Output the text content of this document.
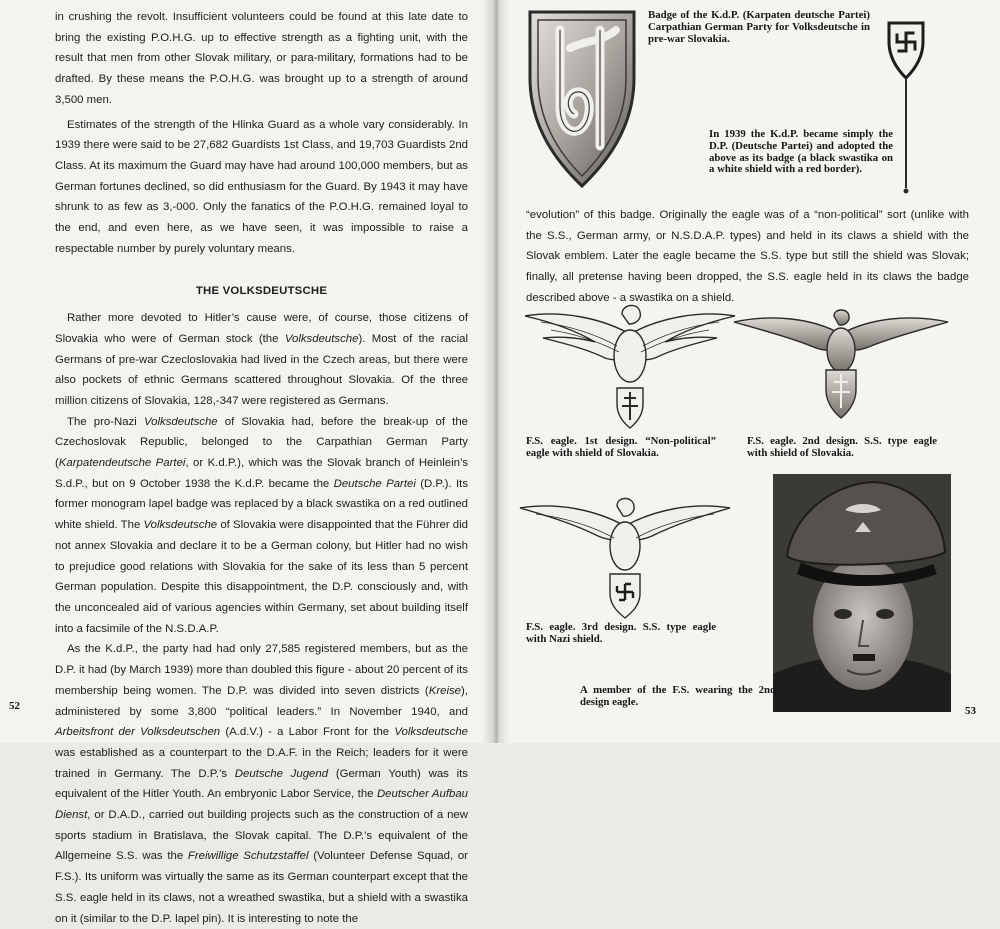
in crushing the revolt. Insufficient volunteers could be found at this late date to bring the existing P.O.H.G. up to effective strength as a fighting unit, with the result that men from other Slovak military, or para-military, formations had to be drafted. By these means the P.O.H.G. was brought up to a strength of around 3,500 men.

Estimates of the strength of the Hlinka Guard as a whole vary considerably. In 1939 there were said to be 27,682 Guardists 1st Class, and 19,703 Guardists 2nd Class. At its maximum the Guard may have had around 100,000 members, but as German fortunes declined, so did enthusiasm for the Guard. By 1943 it may have shrunk to as few as 3,-000. Only the fanatics of the P.O.H.G. remained loyal to the end, and even here, as we have seen, it was impossible to raise a respectable number by purely voluntary means.

THE VOLKSDEUTSCHE

Rather more devoted to Hitler’s cause were, of course, those citizens of Slovakia who were of German stock (the Volksdeutsche). Most of the racial Germans of pre-war Czecloslovakia had lived in the Czech areas, but there were also pockets of ethnic Germans scattered throughout Slovakia. Of the three million citizens of Slovakia, 128,-347 were registered as Germans.

The pro-Nazi Volksdeutsche of Slovakia had, before the break-up of the Czechoslovak Republic, belonged to the Carpathian German Party (Karpatendeutsche Partei, or K.d.P.), which was the Slovak branch of Heinlein’s S.d.P., but on 9 October 1938 the K.d.P. became the Deutsche Partei (D.P.). Its former monogram lapel badge was replaced by a black swastika on a red outlined white shield. The Volksdeutsche of Slovakia were disappointed that the Führer did not annex Slovakia and declare it to be a German colony, but Hitler had no wish to prejudice good relations with Slovakia for the sake of its less than 5 percent German population. Despite this disappointment, the D.P. consciously and, with the unconcealed aid of various agencies within Germany, set about building itself into a facsimile of the N.S.D.A.P.

As the K.d.P., the party had had only 27,585 registered members, but as the D.P. it had (by March 1939) more than doubled this figure - about 20 percent of its membership being women. The D.P. was divided into seven districts (Kreise), administered by some 3,800 “political leaders.” In November 1940, and Arbeitsfront der Volksdeutschen (A.d.V.) - a Labor Front for the Volksdeutsche was established as a counterpart to the D.A.F. in the Reich; leaders for it were trained in Germany. The D.P.’s Deutsche Jugend (German Youth) was its equivalent of the Hitler Youth. An embryonic Labor Service, the Deutscher Aufbau Dienst, or D.A.D., carried out building projects such as the construction of a new sports stadium in Bratislava, the Slovak capital. The D.P.’s equivalent of the Allgemeine S.S. was the Freiwillige Schutzstaffel (Volunteer Defense Squad, or F.S.). Its uniform was virtually the same as its German counterpart except that the S.S. eagle held in its claws, not a wreathed swastika, but a shield with a swastika on it (similar to the D.P. lapel pin). It is interesting to note the

52

Badge of the K.d.P. (Karpaten deutsche Partei) Carpathian German Party for Volksdeutsche in pre-war Slovakia.

In 1939 the K.d.P. became simply the D.P. (Deutsche Partei) and adopted the above as its badge (a black swastika on a white shield with a red border).

“evolution” of this badge. Originally the eagle was of a “non-political” sort (unlike with the S.S., German army, or N.S.D.A.P. types) and held in its claws a shield with the Slovak emblem. Later the eagle became the S.S. type but still the shield was Slovak; finally, all pretense having been dropped, the S.S. eagle held in its claws the badge described above - a swastika on a shield.

F.S. eagle. 1st design. “Non-political” eagle with shield of Slovakia.

F.S. eagle. 2nd design. S.S. type eagle with shield of Slovakia.

F.S. eagle. 3rd design. S.S. type eagle with Nazi shield.

A member of the F.S. wearing the 2nd design eagle.

53
